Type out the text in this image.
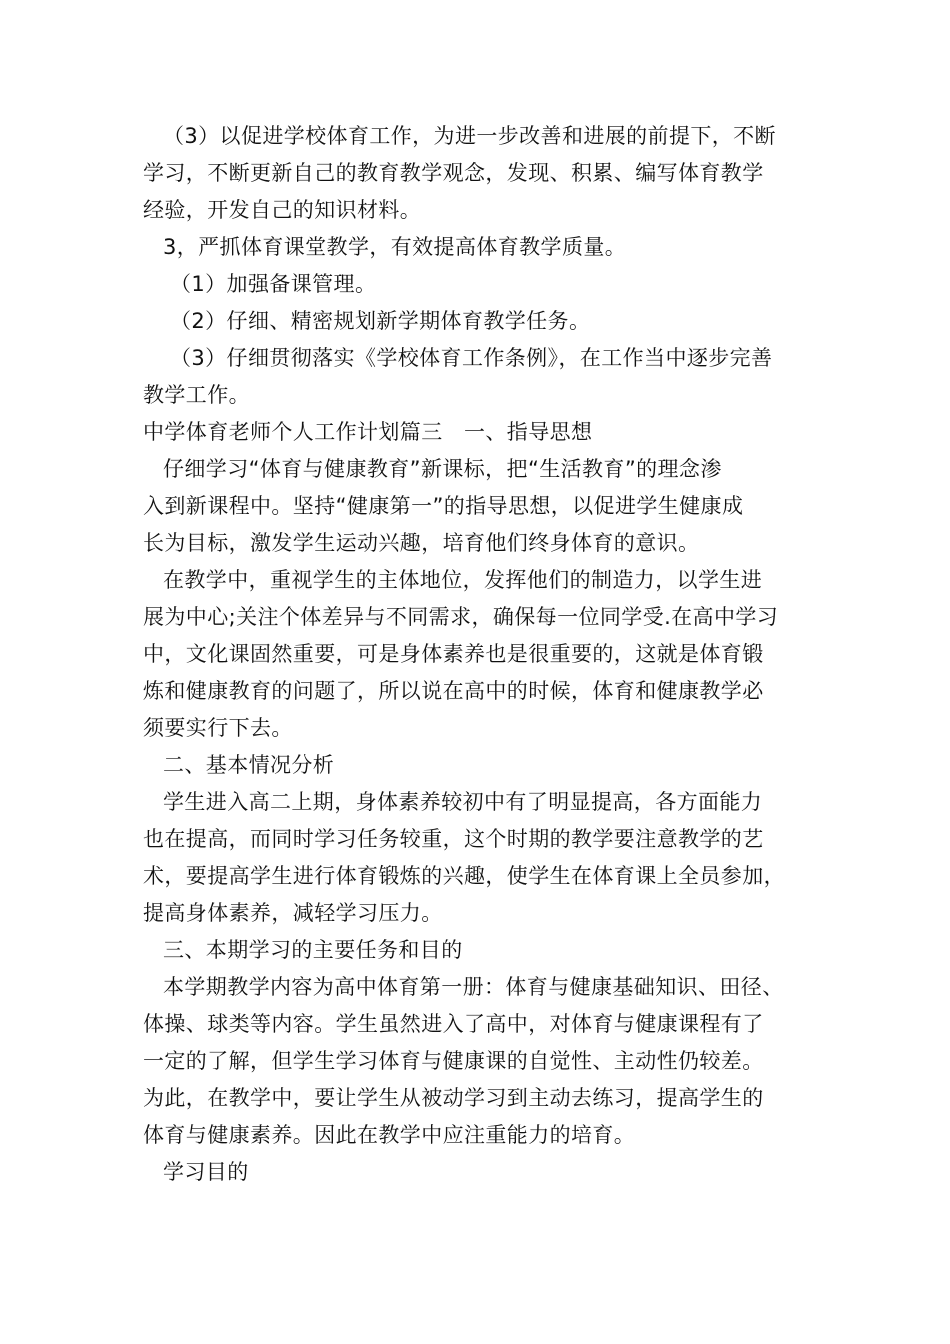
（3）以促进学校体育工作，为进一步改善和进展的前提下，不断
学习，不断更新自己的教育教学观念，发现、积累、编写体育教学
经验，开发自己的知识材料。
3，严抓体育课堂教学，有效提高体育教学质量。
（1）加强备课管理。
（2）仔细、精密规划新学期体育教学任务。
（3）仔细贯彻落实《学校体育工作条例》，在工作当中逐步完善
教学工作。
中学体育老师个人工作计划篇三　一、指导思想
仔细学习“体育与健康教育”新课标，把“生活教育”的理念渗
入到新课程中。坚持“健康第一”的指导思想，以促进学生健康成
长为目标，激发学生运动兴趣，培育他们终身体育的意识。
在教学中，重视学生的主体地位，发挥他们的制造力，以学生进
展为中心;关注个体差异与不同需求，确保每一位同学受.在高中学习
中，文化课固然重要，可是身体素养也是很重要的，这就是体育锻
炼和健康教育的问题了，所以说在高中的时候，体育和健康教学必
须要实行下去。
二、基本情况分析
学生进入高二上期，身体素养较初中有了明显提高，各方面能力
也在提高，而同时学习任务较重，这个时期的教学要注意教学的艺
术，要提高学生进行体育锻炼的兴趣，使学生在体育课上全员参加，
提高身体素养，减轻学习压力。
三、本期学习的主要任务和目的
本学期教学内容为高中体育第一册：体育与健康基础知识、田径、
体操、球类等内容。学生虽然进入了高中，对体育与健康课程有了
一定的了解，但学生学习体育与健康课的自觉性、主动性仍较差。
为此，在教学中，要让学生从被动学习到主动去练习，提高学生的
体育与健康素养。因此在教学中应注重能力的培育。
学习目的
